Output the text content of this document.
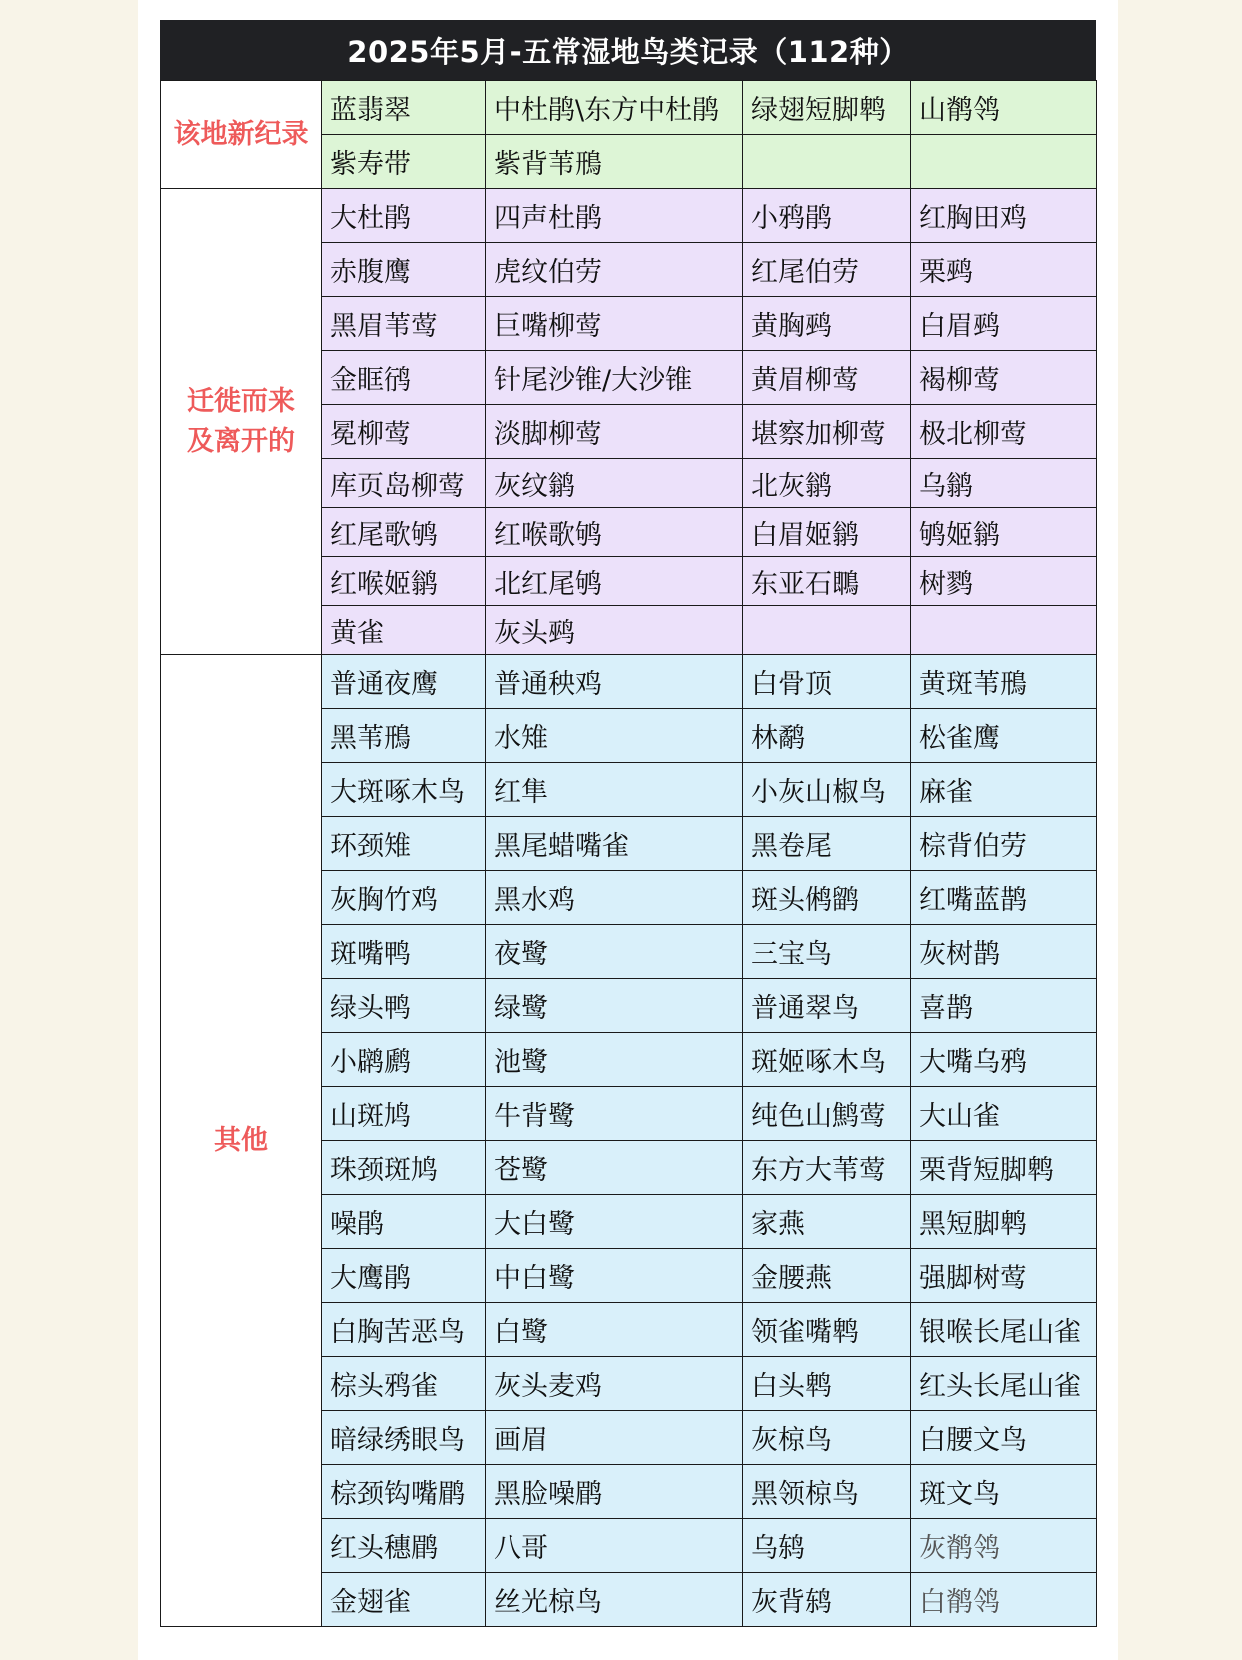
2025年5月-五常湿地鸟类记录（112种）
该地新纪录	蓝翡翠	中杜鹃\东方中杜鹃	绿翅短脚鹎	山鹡鸰
	紫寿带	紫背苇鳽		
迁徙而来
及离开的	大杜鹃	四声杜鹃	小鸦鹃	红胸田鸡
	赤腹鹰	虎纹伯劳	红尾伯劳	栗鹀
	黑眉苇莺	巨嘴柳莺	黄胸鹀	白眉鹀
	金眶鸻	针尾沙锥/大沙锥	黄眉柳莺	褐柳莺
	冕柳莺	淡脚柳莺	堪察加柳莺	极北柳莺
	库页岛柳莺	灰纹鹟	北灰鹟	乌鹟
	红尾歌鸲	红喉歌鸲	白眉姬鹟	鸲姬鹟
	红喉姬鹟	北红尾鸲	东亚石䳭	树鹨
	黄雀	灰头鹀		
其他	普通夜鹰	普通秧鸡	白骨顶	黄斑苇鳽
	黑苇鳽	水雉	林鹬	松雀鹰
	大斑啄木鸟	红隼	小灰山椒鸟	麻雀
	环颈雉	黑尾蜡嘴雀	黑卷尾	棕背伯劳
	灰胸竹鸡	黑水鸡	斑头鸺鹠	红嘴蓝鹊
	斑嘴鸭	夜鹭	三宝鸟	灰树鹊
	绿头鸭	绿鹭	普通翠鸟	喜鹊
	小䴙䴘	池鹭	斑姬啄木鸟	大嘴乌鸦
	山斑鸠	牛背鹭	纯色山鹪莺	大山雀
	珠颈斑鸠	苍鹭	东方大苇莺	栗背短脚鹎
	噪鹃	大白鹭	家燕	黑短脚鹎
	大鹰鹃	中白鹭	金腰燕	强脚树莺
	白胸苦恶鸟	白鹭	领雀嘴鹎	银喉长尾山雀
	棕头鸦雀	灰头麦鸡	白头鹎	红头长尾山雀
	暗绿绣眼鸟	画眉	灰椋鸟	白腰文鸟
	棕颈钩嘴鹛	黑脸噪鹛	黑领椋鸟	斑文鸟
	红头穗鹛	八哥	乌鸫	灰鹡鸰
	金翅雀	丝光椋鸟	灰背鸫	白鹡鸰
